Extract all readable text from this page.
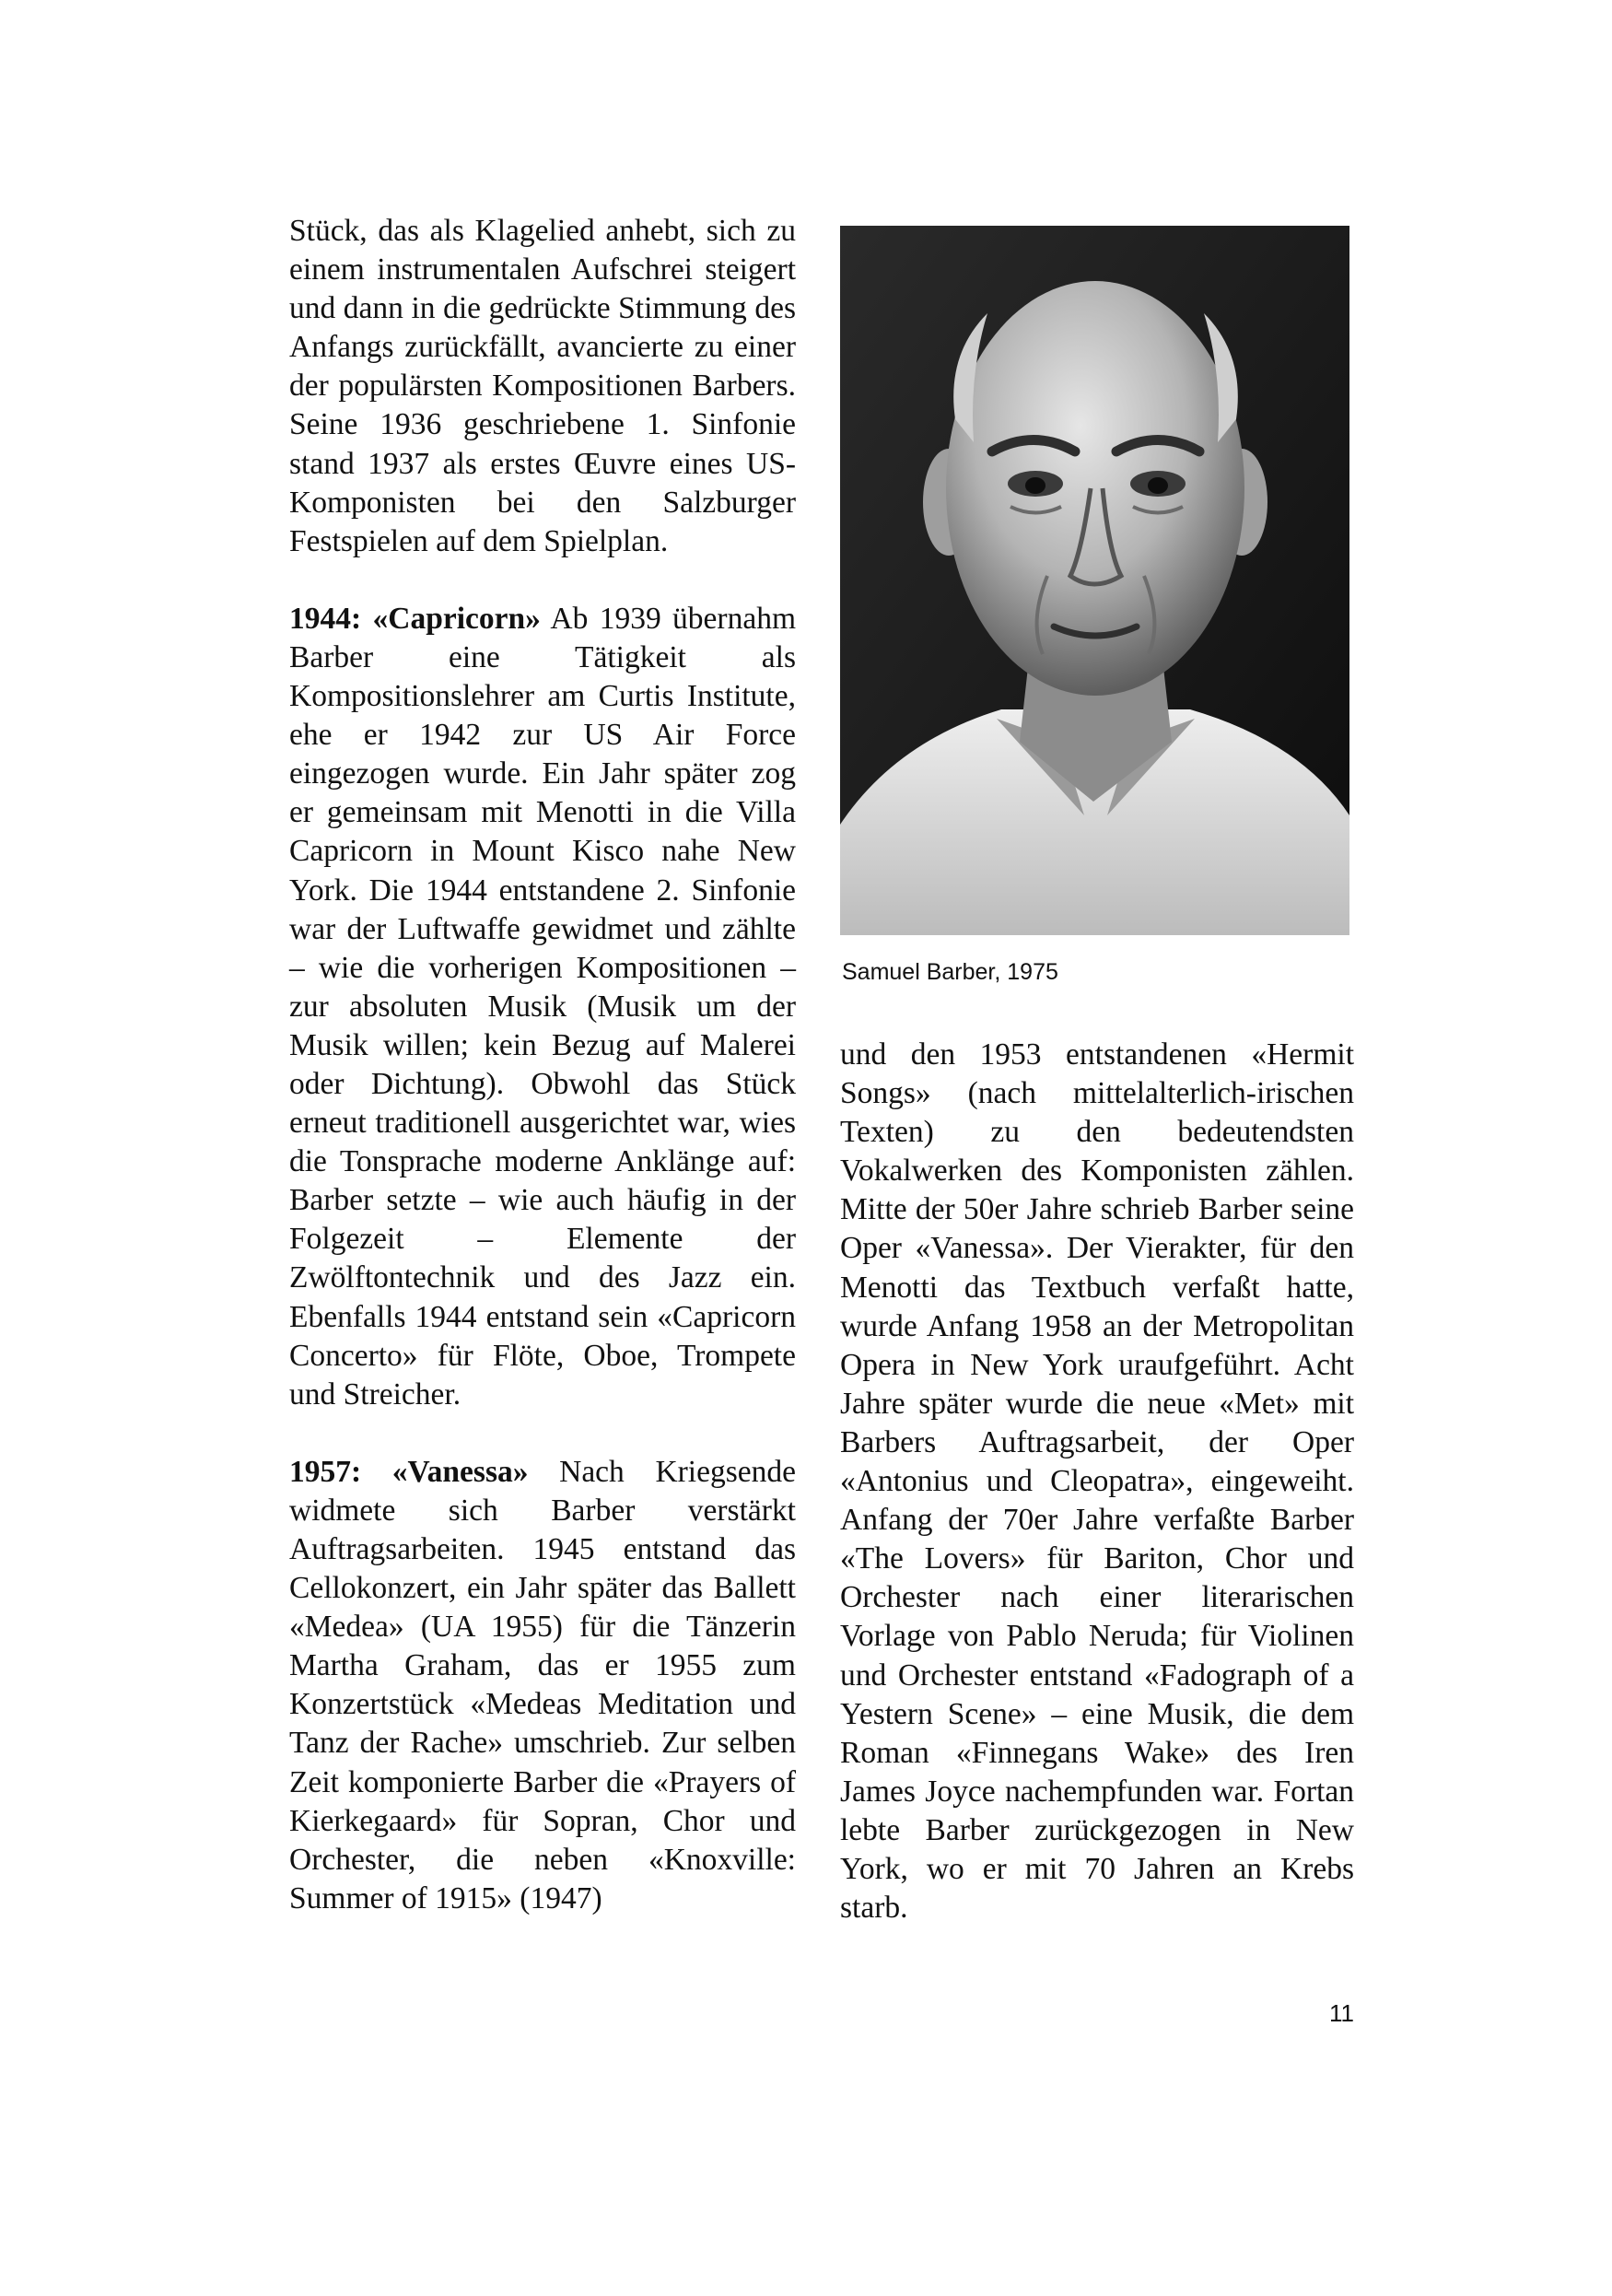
Stück, das als Klagelied anhebt, sich zu einem instrumentalen Aufschrei steigert und dann in die gedrückte Stimmung des Anfangs zurückfällt, avancierte zu einer der populärsten Kompositionen Barbers. Seine 1936 geschriebene 1. Sinfonie stand 1937 als erstes Œuvre eines US-Komponisten bei den Salzburger Festspielen auf dem Spielplan.

1944: «Capricorn» Ab 1939 übernahm Barber eine Tätigkeit als Kompositionslehrer am Curtis Institute, ehe er 1942 zur US Air Force eingezogen wurde. Ein Jahr später zog er gemeinsam mit Menotti in die Villa Capricorn in Mount Kisco nahe New York. Die 1944 entstandene 2. Sinfonie war der Luftwaffe gewidmet und zählte – wie die vorherigen Kompositionen – zur absoluten Musik (Musik um der Musik willen; kein Bezug auf Malerei oder Dichtung). Obwohl das Stück erneut traditionell ausgerichtet war, wies die Tonsprache moderne Anklänge auf: Barber setzte – wie auch häufig in der Folgezeit – Elemente der Zwölftontechnik und des Jazz ein. Ebenfalls 1944 entstand sein «Capricorn Concerto» für Flöte, Oboe, Trompete und Streicher.

1957: «Vanessa» Nach Kriegsende widmete sich Barber verstärkt Auftragsarbeiten. 1945 entstand das Cellokonzert, ein Jahr später das Ballett «Medea» (UA 1955) für die Tänzerin Martha Graham, das er 1955 zum Konzertstück «Medeas Meditation und Tanz der Rache» umschrieb. Zur selben Zeit komponierte Barber die «Prayers of Kierkegaard» für Sopran, Chor und Orchester, die neben «Knoxville: Summer of 1915» (1947)

Samuel Barber, 1975

und den 1953 entstandenen «Hermit Songs» (nach mittelalterlich-irischen Texten) zu den bedeutendsten Vokalwerken des Komponisten zählen. Mitte der 50er Jahre schrieb Barber seine Oper «Vanessa». Der Vierakter, für den Menotti das Textbuch verfaßt hatte, wurde Anfang 1958 an der Metropolitan Opera in New York uraufgeführt. Acht Jahre später wurde die neue «Met» mit Barbers Auftragsarbeit, der Oper «Antonius und Cleopatra», eingeweiht. Anfang der 70er Jahre verfaßte Barber «The Lovers» für Bariton, Chor und Orchester nach einer literarischen Vorlage von Pablo Neruda; für Violinen und Orchester entstand «Fadograph of a Yestern Scene» – eine Musik, die dem Roman «Finnegans Wake» des Iren James Joyce nachempfunden war. Fortan lebte Barber zurückgezogen in New York, wo er mit 70 Jahren an Krebs starb.

11
